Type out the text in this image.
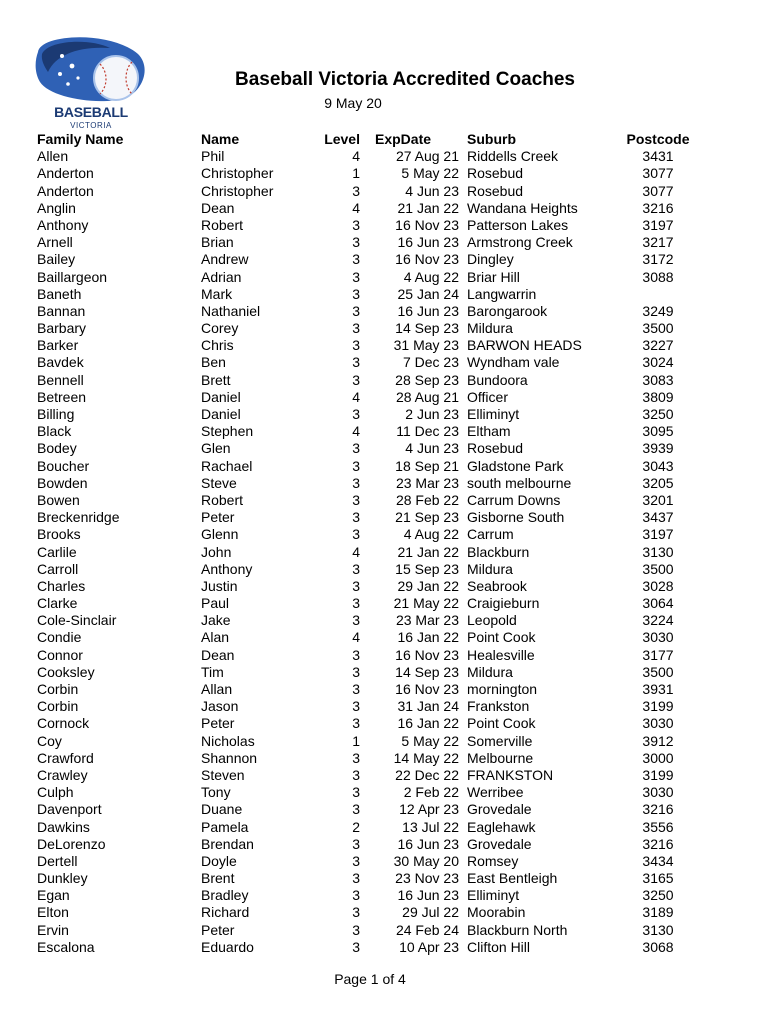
BASEBALL
VICTORIA
Baseball Victoria Accredited Coaches
9 May 20
Family Name	Name	Level ExpDate	Suburb	Postcode
Allen	Phil	4	27 Aug 21 Riddells Creek	3431
Anderton	Christopher	1	5 May 22 Rosebud	3077
Anderton	Christopher	3	4 Jun 23 Rosebud	3077
Anglin	Dean	4	21 Jan 22 Wandana Heights	3216
Anthony	Robert	3	16 Nov 23 Patterson Lakes	3197
Arnell	Brian	3	16 Jun 23 Armstrong Creek	3217
Bailey	Andrew	3	16 Nov 23 Dingley	3172
Baillargeon	Adrian	3	4 Aug 22 Briar Hill	3088
Baneth	Mark	3	25 Jan 24 Langwarrin
Bannan	Nathaniel	3	16 Jun 23 Barongarook	3249
Barbary	Corey	3	14 Sep 23 Mildura	3500
Barker	Chris	3	31 May 23 BARWON HEADS	3227
Bavdek	Ben	3	7 Dec 23 Wyndham vale	3024
Bennell	Brett	3	28 Sep 23 Bundoora	3083
Betreen	Daniel	4	28 Aug 21 Officer	3809
Billing	Daniel	3	2 Jun 23 Elliminyt	3250
Black	Stephen	4	11 Dec 23 Eltham	3095
Bodey	Glen	3	4 Jun 23 Rosebud	3939
Boucher	Rachael	3	18 Sep 21 Gladstone Park	3043
Bowden	Steve	3	23 Mar 23 south melbourne	3205
Bowen	Robert	3	28 Feb 22 Carrum Downs	3201
Breckenridge	Peter	3	21 Sep 23 Gisborne South	3437
Brooks	Glenn	3	4 Aug 22 Carrum	3197
Carlile	John	4	21 Jan 22 Blackburn	3130
Carroll	Anthony	3	15 Sep 23 Mildura	3500
Charles	Justin	3	29 Jan 22 Seabrook	3028
Clarke	Paul	3	21 May 22 Craigieburn	3064
Cole-Sinclair	Jake	3	23 Mar 23 Leopold	3224
Condie	Alan	4	16 Jan 22 Point Cook	3030
Connor	Dean	3	16 Nov 23 Healesville	3177
Cooksley	Tim	3	14 Sep 23 Mildura	3500
Corbin	Allan	3	16 Nov 23 mornington	3931
Corbin	Jason	3	31 Jan 24 Frankston	3199
Cornock	Peter	3	16 Jan 22 Point Cook	3030
Coy	Nicholas	1	5 May 22 Somerville	3912
Crawford	Shannon	3	14 May 22 Melbourne	3000
Crawley	Steven	3	22 Dec 22 FRANKSTON	3199
Culph	Tony	3	2 Feb 22 Werribee	3030
Davenport	Duane	3	12 Apr 23 Grovedale	3216
Dawkins	Pamela	2	13 Jul 22 Eaglehawk	3556
DeLorenzo	Brendan	3	16 Jun 23 Grovedale	3216
Dertell	Doyle	3	30 May 20 Romsey	3434
Dunkley	Brent	3	23 Nov 23 East Bentleigh	3165
Egan	Bradley	3	16 Jun 23 Elliminyt	3250
Elton	Richard	3	29 Jul 22 Moorabin	3189
Ervin	Peter	3	24 Feb 24 Blackburn North	3130
Escalona	Eduardo	3	10 Apr 23 Clifton Hill	3068
Page 1 of 4
